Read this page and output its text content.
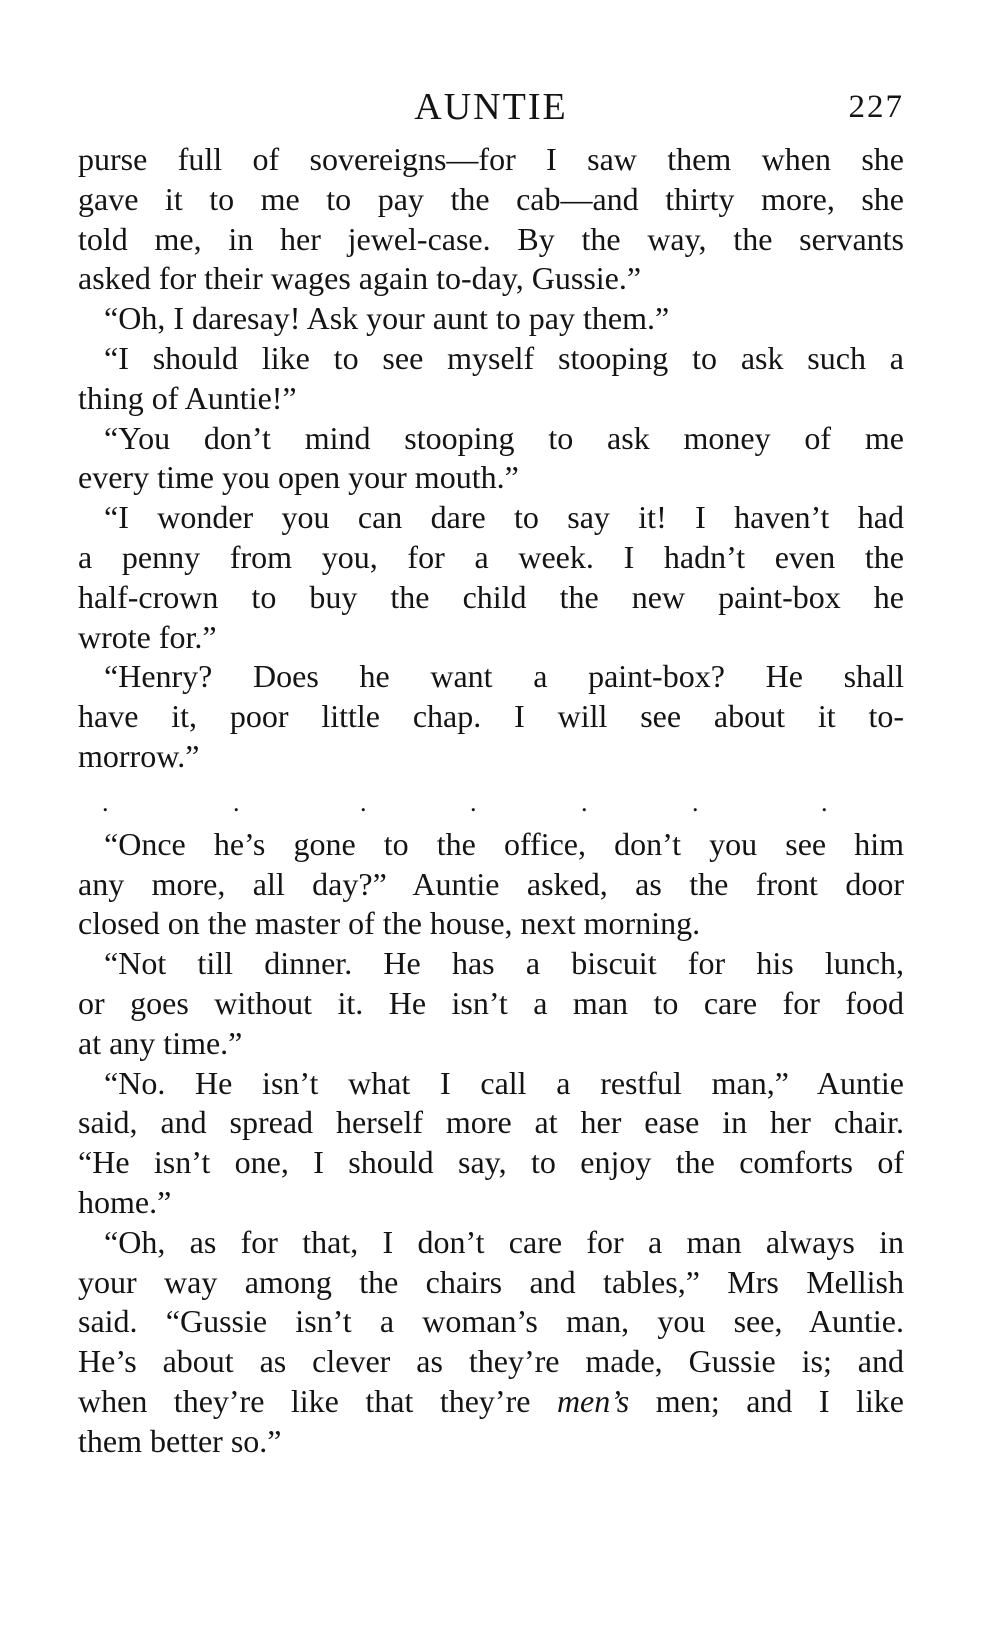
AUNTIE	227

purse full of sovereigns—for I saw them when she
gave it to me to pay the cab—and thirty more, she
told me, in her jewel-case. By the way, the servants
asked for their wages again to-day, Gussie.”

“Oh, I daresay! Ask your aunt to pay them.”

“I should like to see myself stooping to ask such a
thing of Auntie!”

“You don’t mind stooping to ask money of me
every time you open your mouth.”

“I wonder you can dare to say it! I haven’t had
a penny from you, for a week. I hadn’t even the
half-crown to buy the child the new paint-box he
wrote for.”

“Henry? Does he want a paint-box? He shall
have it, poor little chap. I will see about it to-
morrow.”

.	.	.	.	.	.	.

“Once he’s gone to the office, don’t you see him
any more, all day?” Auntie asked, as the front door
closed on the master of the house, next morning.

“Not till dinner. He has a biscuit for his lunch,
or goes without it. He isn’t a man to care for food
at any time.”

“No. He isn’t what I call a restful man,” Auntie
said, and spread herself more at her ease in her chair.
“He isn’t one, I should say, to enjoy the comforts of
home.”

“Oh, as for that, I don’t care for a man always in
your way among the chairs and tables,” Mrs Mellish
said. “Gussie isn’t a woman’s man, you see, Auntie.
He’s about as clever as they’re made, Gussie is; and
when they’re like that they’re men’s men; and I like
them better so.”
